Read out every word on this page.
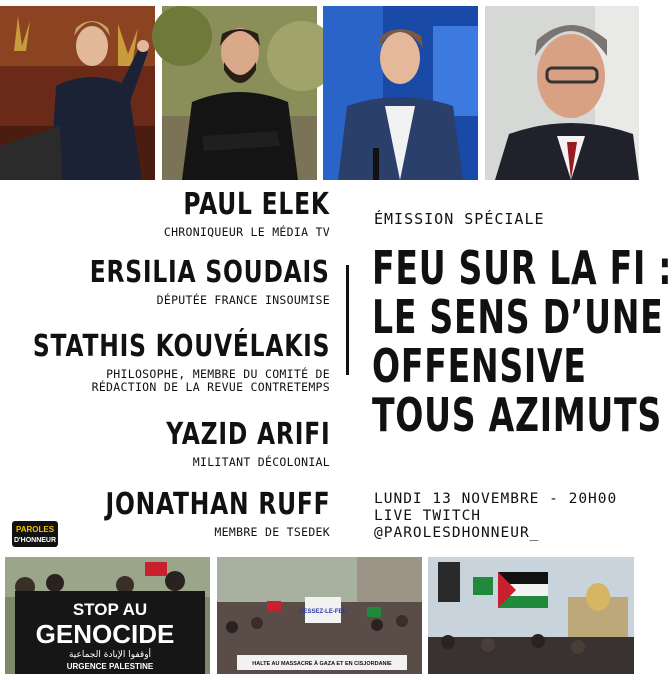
PAUL ELEK
CHRONIQUEUR LE MÉDIA TV
ERSILIA SOUDAIS
DÉPUTÉE FRANCE INSOUMISE
STATHIS KOUVÉLAKIS
PHILOSOPHE, MEMBRE DU COMITÉ DE
RÉDACTION DE LA REVUE CONTRETEMPS
YAZID ARIFI
MILITANT DÉCOLONIAL
JONATHAN RUFF
MEMBRE DE TSEDEK
ÉMISSION SPÉCIALE
FEU SUR LA FI :
LE SENS D’UNE
OFFENSIVE
TOUS AZIMUTS
LUNDI 13 NOVEMBRE - 20H00
LIVE TWITCH
@PAROLESDHONNEUR_
PAROLES
D'HONNEUR
STOP AU
GENOCIDE
أوقفوا الإبادة الجماعية
URGENCE PALESTINE
CESSEZ-LE-FEU
HALTE AU MASSACRE À GAZA ET EN CISJORDANIE
